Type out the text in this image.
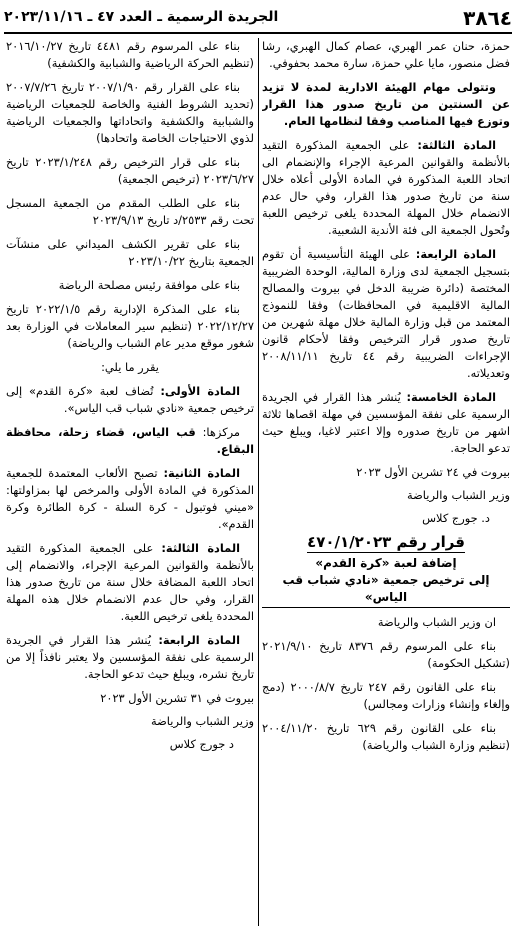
٣٨٦٤
الجريدة الرسمية ـ العدد ٤٧ ـ ٢٠٢٣/١١/١٦

حمزة، حنان عمر الهبري، عصام كمال الهبري، رشا فضل منصور، مايا علي حمزة، سارة محمد بحفوفي.

وتتولى مهام الهيئة الادارية لمدة لا تزيد عن السنتين من تاريخ صدور هذا القرار وتوزع فيها المناصب وفقا لنظامها العام.

المادة الثالثة: على الجمعية المذكورة التقيد بالأنظمة والقوانين المرعية الإجراء والإنضمام الى اتحاد اللعبة المذكورة في المادة الأولى أعلاه خلال سنة من تاريخ صدور هذا القرار، وفي حال عدم الانضمام خلال المهلة المحددة يلغى ترخيص اللعبة وتُحول الجمعية الى فئة الأندية الشعبية.

المادة الرابعة: على الهيئة التأسيسية أن تقوم بتسجيل الجمعية لدى وزارة المالية، الوحدة الضريبية المختصة (دائرة ضريبة الدخل في بيروت والمصالح المالية الاقليمية في المحافظات) وفقا للنموذج المعتمد من قبل وزارة المالية خلال مهلة شهرين من تاريخ صدور قرار الترخيص وفقا لأحكام قانون الإجراءات الضريبية رقم ٤٤ تاريخ ٢٠٠٨/١١/١١ وتعديلاته.

المادة الخامسة: يُنشر هذا القرار في الجريدة الرسمية على نفقة المؤسسين في مهلة اقصاها ثلاثة اشهر من تاريخ صدوره وإلا اعتبر لاغيا، ويبلغ حيث تدعو الحاجة.

بيروت في ٢٤ تشرين الأول ٢٠٢٣

وزير الشباب والرياضة

د. جورج كلاس

قرار رقم ٤٧٠/١/٢٠٢٣

إضافة لعبة «كرة القدم»

إلى ترخيص جمعية «نادي شباب قب الياس»

ان وزير الشباب والرياضة

بناء على المرسوم رقم ٨٣٧٦ تاريخ ٢٠٢١/٩/١٠ (تشكيل الحكومة)

بناء على القانون رقم ٢٤٧ تاريخ ٢٠٠٠/٨/٧ (دمج وإلغاء وإنشاء وزارات ومجالس)

بناء على القانون رقم ٦٢٩ تاريخ ٢٠٠٤/١١/٢٠ (تنظيم وزارة الشباب والرياضة)

بناء على المرسوم رقم ٤٤٨١ تاريخ ٢٠١٦/١٠/٢٧ (تنظيم الحركة الرياضية والشبابية والكشفية)

بناء على القرار رقم ٢٠٠٧/١/٩٠ تاريخ ٢٠٠٧/٧/٢٦ (تحديد الشروط الفنية والخاصة للجمعيات الرياضية والشبابية والكشفية واتحاداتها والجمعيات الرياضية لذوي الاحتياجات الخاصة واتحادها)

بناء على قرار الترخيص رقم ٢٠٢٣/١/٢٤٨ تاريخ ٢٠٢٣/٦/٢٧ (ترخيص الجمعية)

بناء على الطلب المقدم من الجمعية المسجل تحت رقم ٢٥٣٣/د تاريخ ٢٠٢٣/٩/١٣

بناء على تقرير الكشف الميداني على منشآت الجمعية بتاريخ ٢٠٢٣/١٠/٢٢

بناء على موافقة رئيس مصلحة الرياضة

بناء على المذكرة الإدارية رقم ٢٠٢٢/١/٥ تاريخ ٢٠٢٢/١٢/٢٧ (تنظيم سير المعاملات في الوزارة بعد شغور موقع مدير عام الشباب والرياضة)

يقرر ما يلي:

المادة الأولى: تُضاف لعبة «كرة القدم» إلى ترخيص جمعية «نادي شباب قب الياس».

مركزها: قب الياس، قضاء زحلة، محافظة البقاع.

المادة الثانية: تصبح الألعاب المعتمدة للجمعية المذكورة في المادة الأولى والمرخص لها بمزاولتها: «ميني فوتبول - كرة السلة - كرة الطائرة وكرة القدم».

المادة الثالثة: على الجمعية المذكورة التقيد بالأنظمة والقوانين المرعية الإجراء، والانضمام إلى اتحاد اللعبة المضافة خلال سنة من تاريخ صدور هذا القرار، وفي حال عدم الانضمام خلال هذه المهلة المحددة يلغى ترخيص اللعبة.

المادة الرابعة: يُنشر هذا القرار في الجريدة الرسمية على نفقة المؤسسين ولا يعتبر نافذاً إلا من تاريخ نشره، ويبلغ حيث تدعو الحاجة.

بيروت في ٣١ تشرين الأول ٢٠٢٣

وزير الشباب والرياضة

د جورج كلاس
